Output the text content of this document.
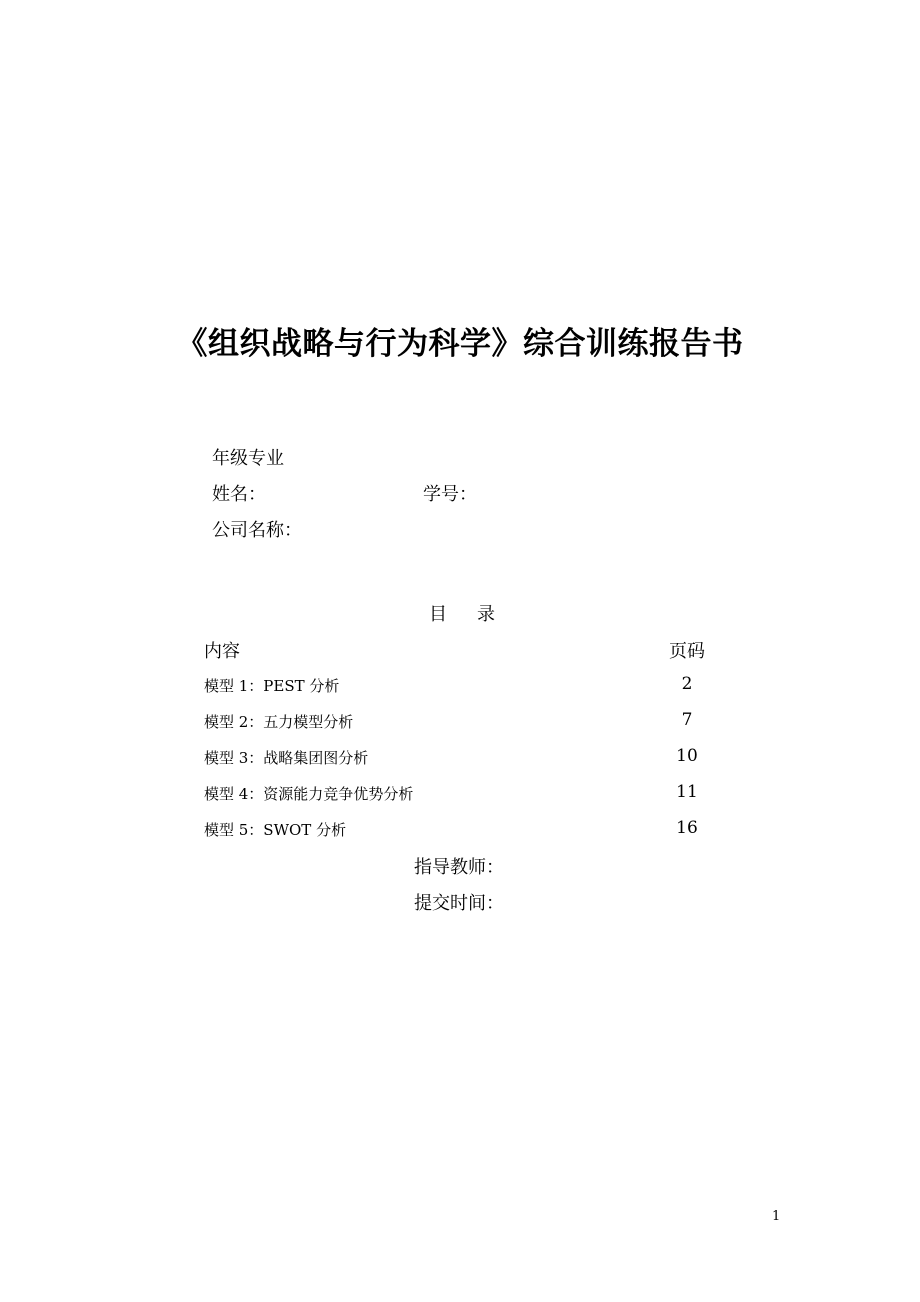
《组织战略与行为科学》综合训练报告书
年级专业
姓名：	学号：
公司名称：
目 录
内容	页码
模型 1：PEST 分析	2
模型 2：五力模型分析	7
模型 3：战略集团图分析	10
模型 4：资源能力竞争优势分析	11
模型 5：SWOT 分析	16
指导教师：
提交时间：
1
